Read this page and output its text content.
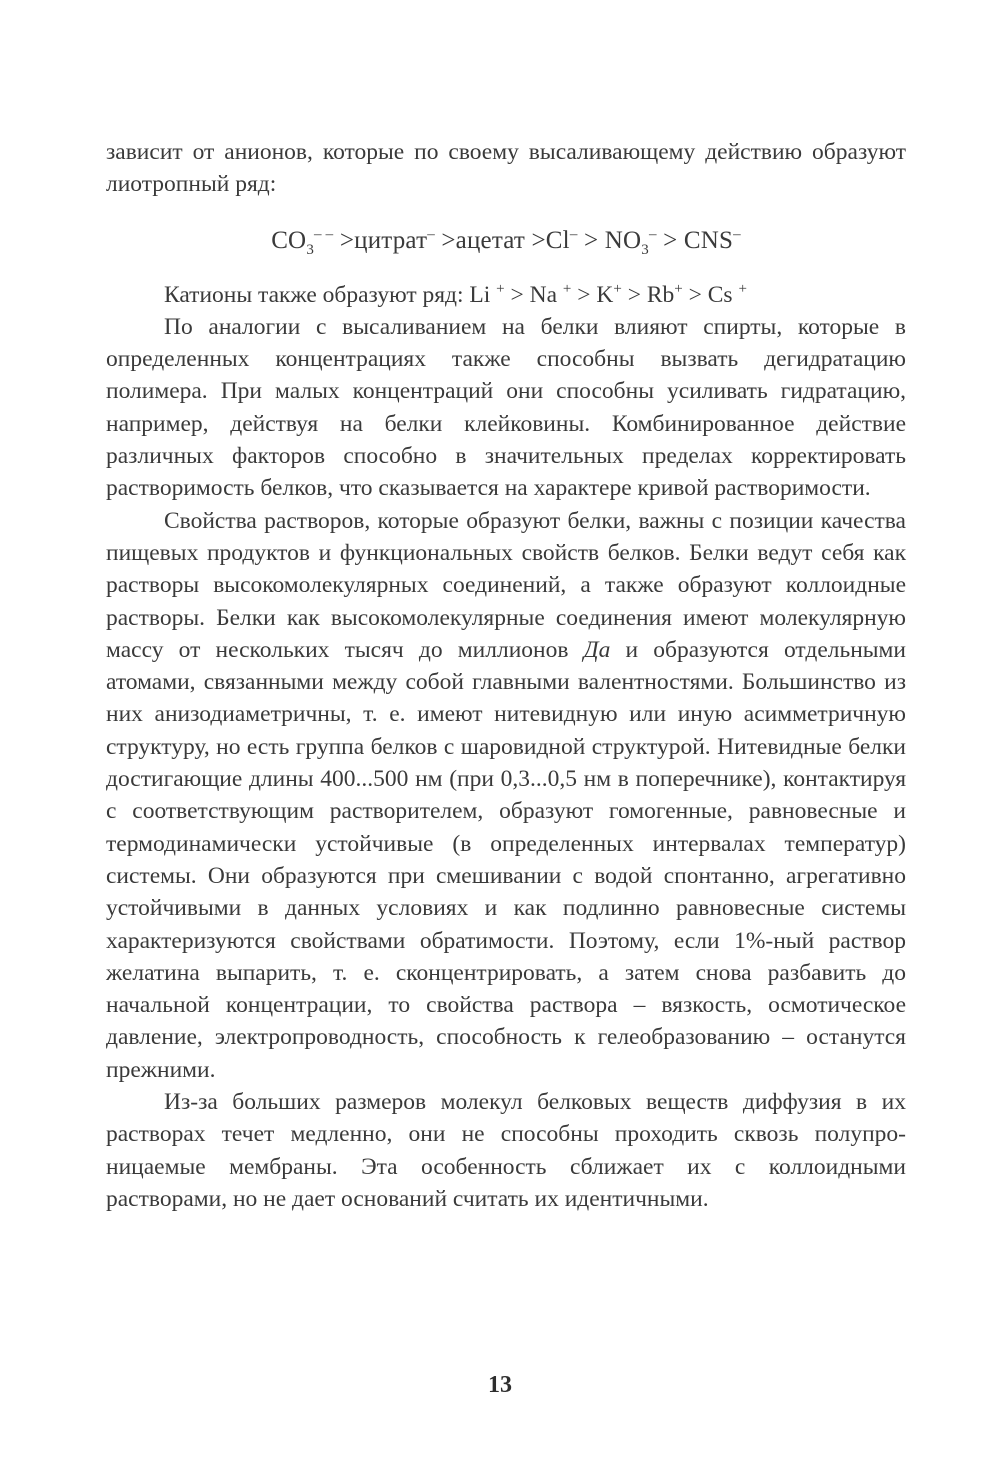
зависит от анионов, которые по своему высаливающему действию образуют лиотропный ряд:

$CO_3^{- -}$ >цитрат– >ацетат $>Cl^- > NO_3^- > CNS^-$

Катионы также образуют ряд: Li + > Na + > K+ > Rb+ > Cs +

По аналогии с высаливанием на белки влияют спирты, которые в определенных концентрациях также способны вызвать дегидратацию полимера. При малых концентраций они способны усиливать гидратацию, например, действуя на белки клейковины. Комбинированное действие различных факторов способно в значительных пределах корректировать растворимость белков, что сказывается на характере кривой растворимости.

Свойства растворов, которые образуют белки, важны с позиции качества пищевых продуктов и функциональных свойств белков. Белки ведут себя как растворы высокомолекулярных соединений, а также образуют коллоидные растворы. Белки как высокомолекулярные соединения имеют молекулярную массу от нескольких тысяч до миллионов Да и образуются отдельными атомами, связанными между собой главными валентностями. Большинство из них анизодиаметричны, т. е. имеют нитевидную или иную асимметричную структуру, но есть группа белков с шаровидной структурой. Нитевидные белки достигающие длины 400...500 нм (при 0,3...0,5 нм в поперечнике), контактируя с соответствующим растворителем, образуют гомогенные, равновесные и термодинамически устойчивые (в определенных интервалах температур) системы. Они образуются при смешивании с водой спонтанно, агрегативно устойчивыми в данных условиях и как подлинно равновесные системы характеризуются свойствами обратимости. Поэтому, если 1%-ный раствор желатина выпарить, т. е. сконцентрировать, а затем снова разбавить до начальной концентрации, то свойства раствора – вязкость, осмотическое давление, электропроводность, способность к гелеобразованию – останутся прежними.

Из-за больших размеров молекул белковых веществ диффузия в их растворах течет медленно, они не способны проходить сквозь полупроницаемые мембраны. Эта особенность сближает их с коллоидными растворами, но не дает оснований считать их идентичными.

13
